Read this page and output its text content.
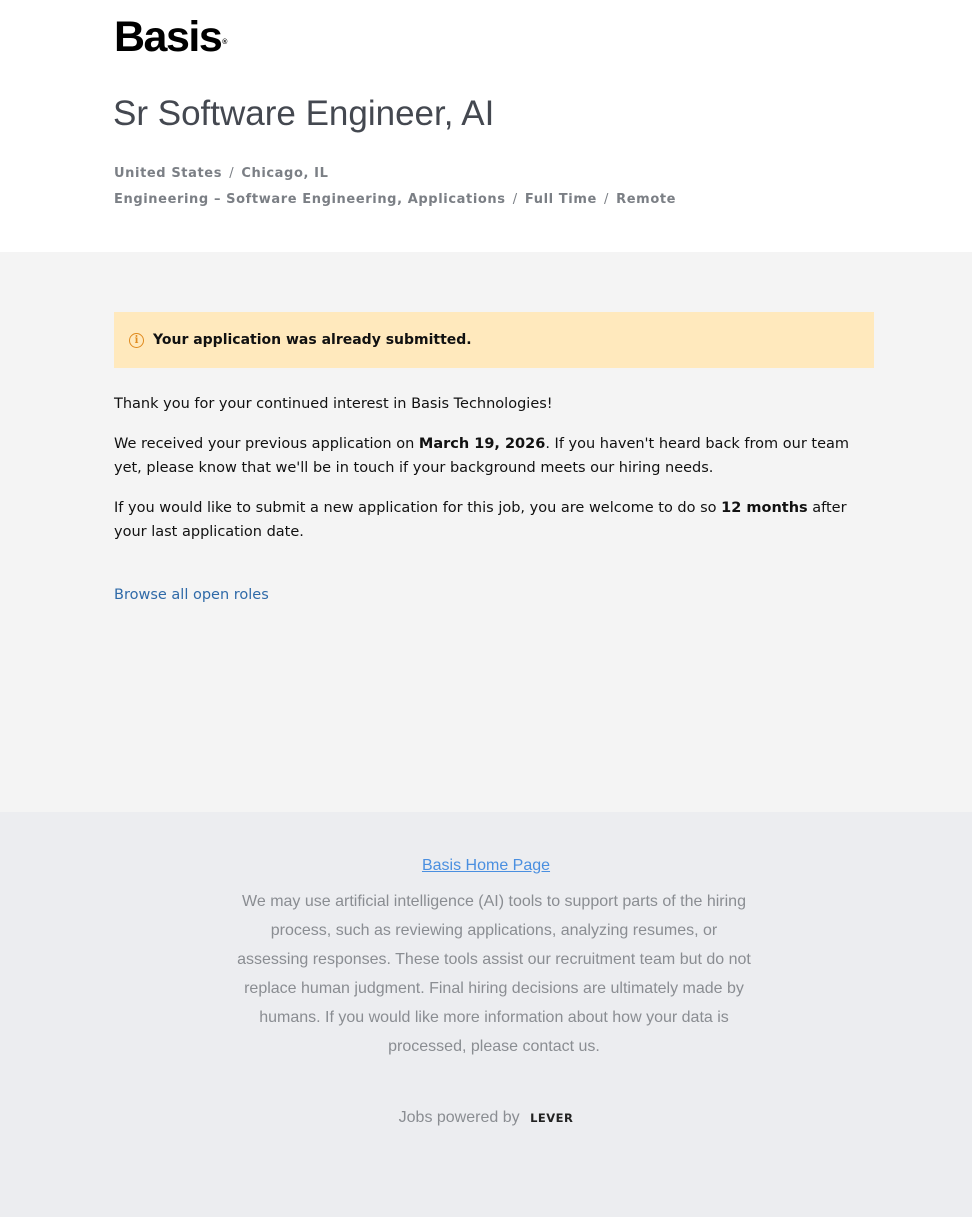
Basis®
Sr Software Engineer, AI
United States / Chicago, IL
Engineering – Software Engineering, Applications / Full Time / Remote
i	Your application was already submitted.

Thank you for your continued interest in Basis Technologies!

We received your previous application on March 19, 2026. If you haven't heard back from our team yet, please know that we'll be in touch if your background meets our hiring needs.

If you would like to submit a new application for this job, you are welcome to do so 12 months after your last application date.

Browse all open roles
Basis Home Page

We may use artificial intelligence (AI) tools to support parts of the hiring process, such as reviewing applications, analyzing resumes, or assessing responses. These tools assist our recruitment team but do not replace human judgment. Final hiring decisions are ultimately made by humans. If you would like more information about how your data is processed, please contact us.

Jobs powered by LEVER
